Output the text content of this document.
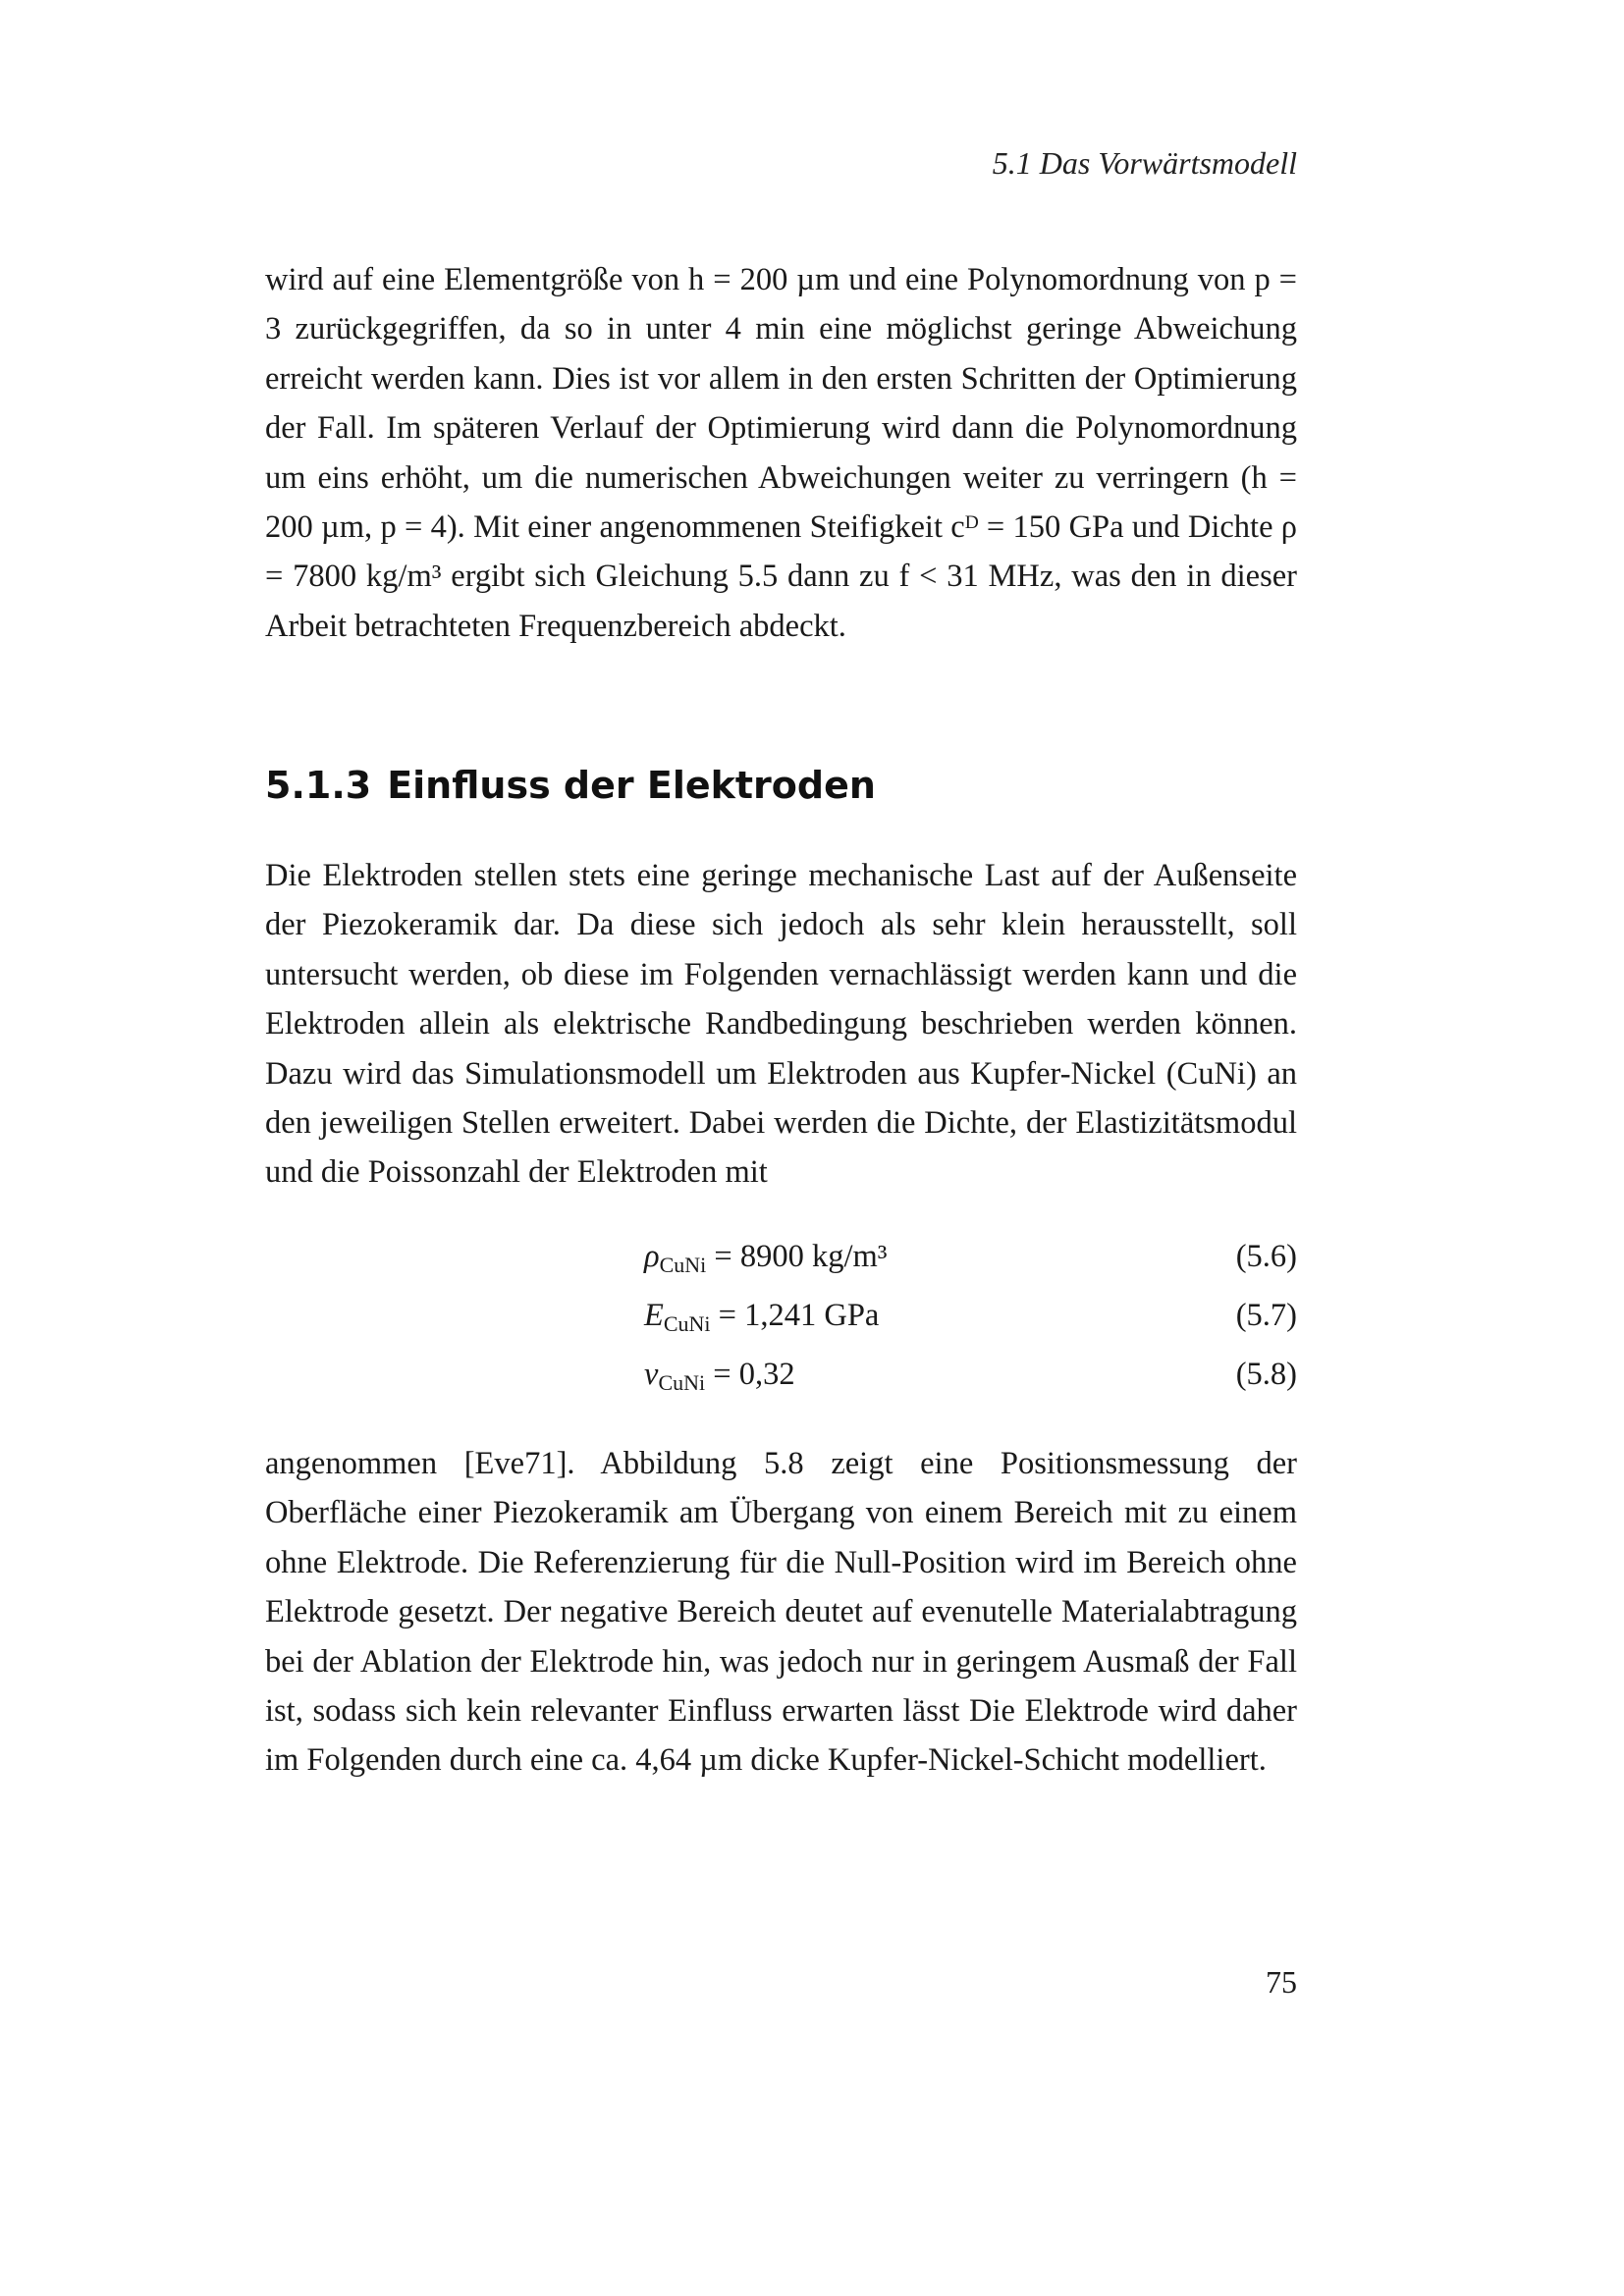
5.1 Das Vorwärtsmodell

wird auf eine Elementgröße von h = 200 µm und eine Polynomordnung von p = 3 zurückgegriffen, da so in unter 4 min eine möglichst geringe Abweichung erreicht werden kann. Dies ist vor allem in den ersten Schritten der Optimierung der Fall. Im späteren Verlauf der Optimierung wird dann die Polynomordnung um eins erhöht, um die numerischen Abweichungen weiter zu verringern (h = 200 µm, p = 4). Mit einer angenommenen Steifigkeit cᴰ = 150 GPa und Dichte ρ = 7800 kg/m³ ergibt sich Gleichung 5.5 dann zu f < 31 MHz, was den in dieser Arbeit betrachteten Frequenzbereich abdeckt.

5.1.3 Einfluss der Elektroden

Die Elektroden stellen stets eine geringe mechanische Last auf der Außenseite der Piezokeramik dar. Da diese sich jedoch als sehr klein herausstellt, soll untersucht werden, ob diese im Folgenden vernachlässigt werden kann und die Elektroden allein als elektrische Randbedingung beschrieben werden können. Dazu wird das Simulationsmodell um Elektroden aus Kupfer-Nickel (CuNi) an den jeweiligen Stellen erweitert. Dabei werden die Dichte, der Elastizitätsmodul und die Poissonzahl der Elektroden mit

ρCuNi = 8900 kg/m³	(5.6)
ECuNi = 1,241 GPa	(5.7)
νCuNi = 0,32	(5.8)

angenommen [Eve71]. Abbildung 5.8 zeigt eine Positionsmessung der Oberfläche einer Piezokeramik am Übergang von einem Bereich mit zu einem ohne Elektrode. Die Referenzierung für die Null-Position wird im Bereich ohne Elektrode gesetzt. Der negative Bereich deutet auf evenutelle Materialabtragung bei der Ablation der Elektrode hin, was jedoch nur in geringem Ausmaß der Fall ist, sodass sich kein relevanter Einfluss erwarten lässt Die Elektrode wird daher im Folgenden durch eine ca. 4,64 µm dicke Kupfer-Nickel-Schicht modelliert.

75
